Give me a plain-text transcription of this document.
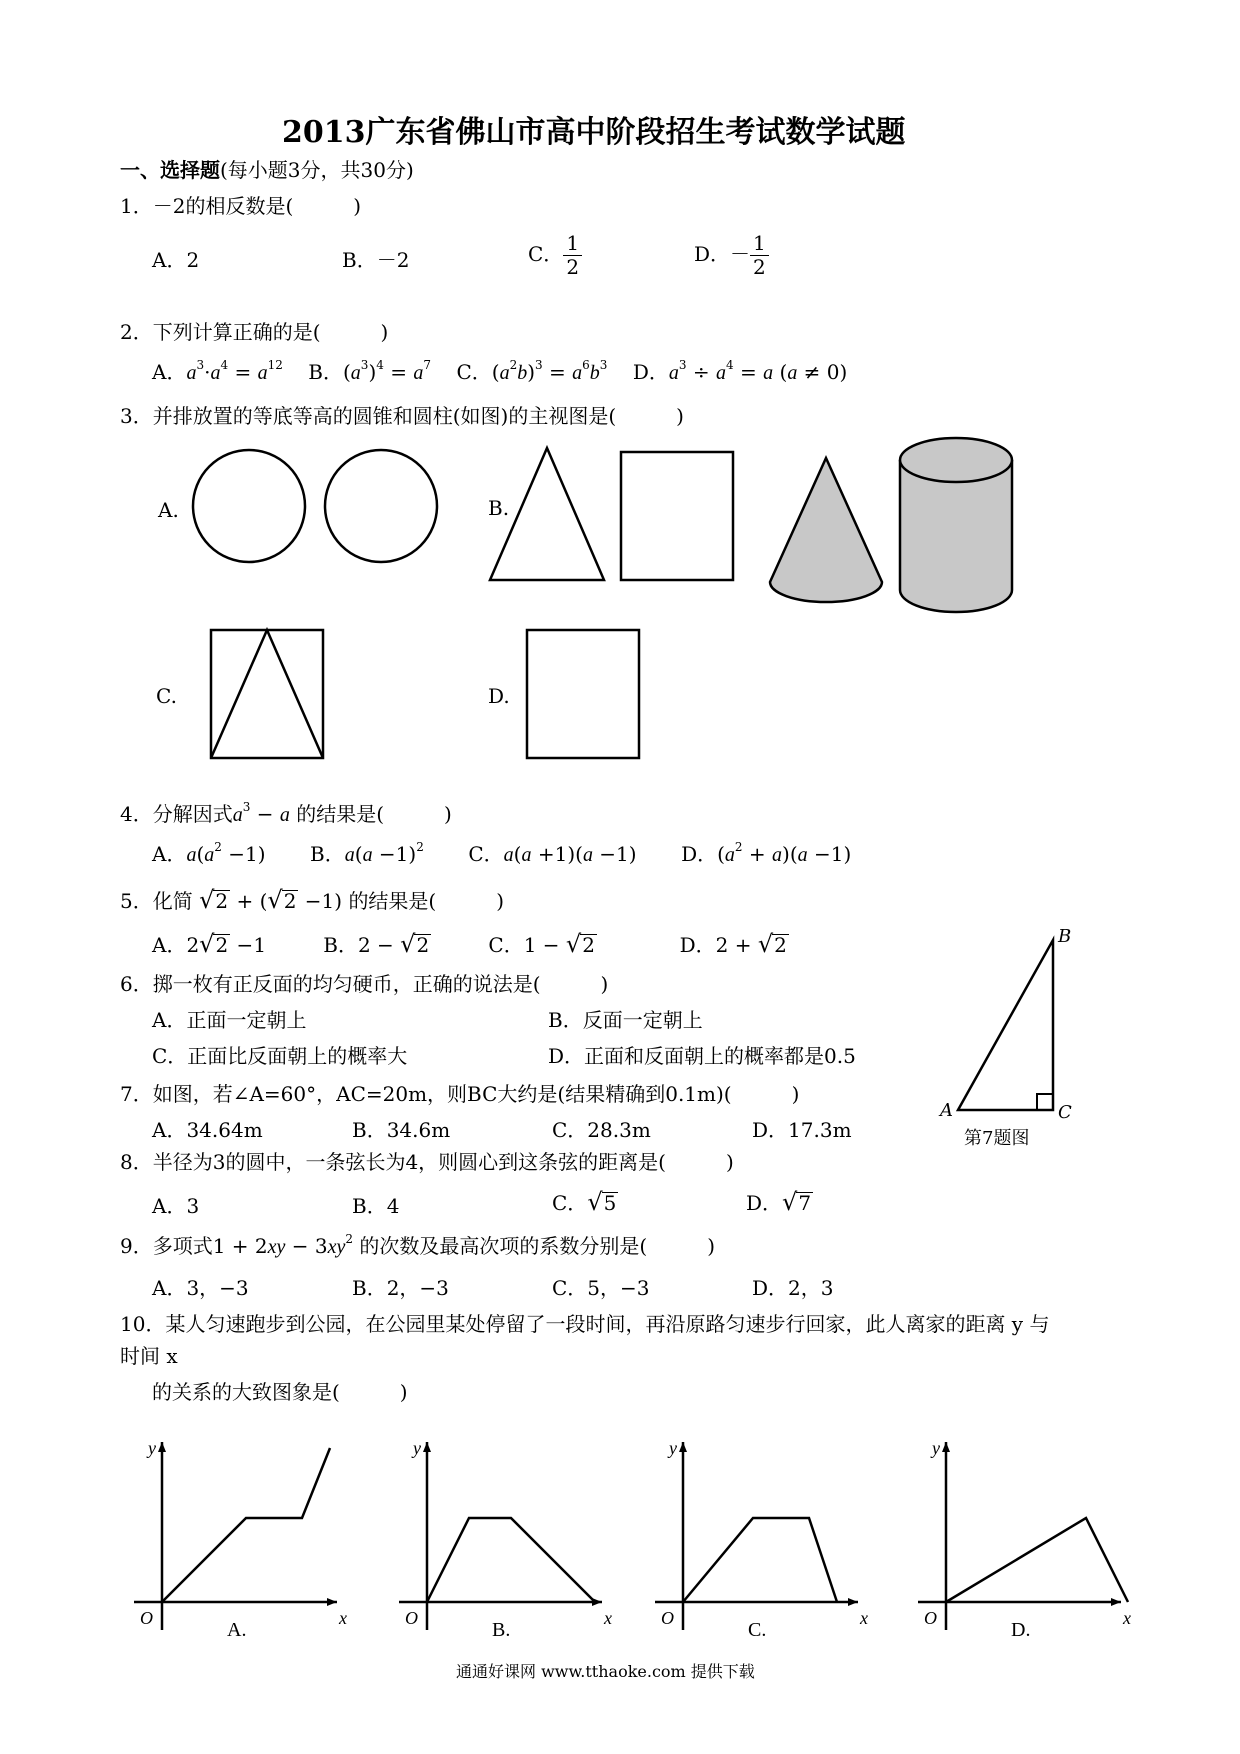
2013广东省佛山市高中阶段招生考试数学试题
一、选择题(每小题3分，共30分)
1．－2的相反数是(　　　)
A．2	B．－2	C． $\frac{1}{2}$	D．－ $\frac{1}{2}$
2．下列计算正确的是(　　　)
A．$a^3\cdot a^4 = a^{12}$    B．$(a^3)^4 = a^7$    C．$(a^2b)^3 = a^6b^3$    D．$a^3 \div a^4 = a$ (a ≠ 0)
3．并排放置的等底等高的圆锥和圆柱(如图)的主视图是(　　　)
A.	B.
C.	D.
4．分解因式$a^3 - a$ 的结果是(　　　)
A．$a(a^2 -1)$       B．$a(a -1)^2$       C．a(a +1)(a −1)       D．$(a^2 + a)(a -1)$
5．化简 √2 + (√2 −1) 的结果是(　　　)
A．2√2 −1         B．2 − √2         C．1 − √2             D．2 + √2
6．掷一枚有正反面的均匀硬币，正确的说法是(　　　)
A．正面一定朝上	B．反面一定朝上
C．正面比反面朝上的概率大	D．正面和反面朝上的概率都是0.5
7．如图，若∠A=60°，AC=20m，则BC大约是(结果精确到0.1m)(　　　)
A．34.64m	B．34.6m	C．28.3m	D．17.3m
B
A	C
第7题图
8．半径为3的圆中，一条弦长为4，则圆心到这条弦的距离是(　　　)
A．3	B．4	C．√5	D．√7
9．多项式$1 + 2xy - 3xy^2$ 的次数及最高次项的系数分别是(　　　)
A．3，−3	B．2，−3	C．5，−3	D．2，3
10．某人匀速跑步到公园，在公园里某处停留了一段时间，再沿原路匀速步行回家，此人离家的距离 y 与
时间 x
的关系的大致图象是(　　　)
O	x
y
A.
O	x
y
B.
O	x
y
C.
O	x
y
D.
通通好课网 www.tthaoke.com 提供下载
